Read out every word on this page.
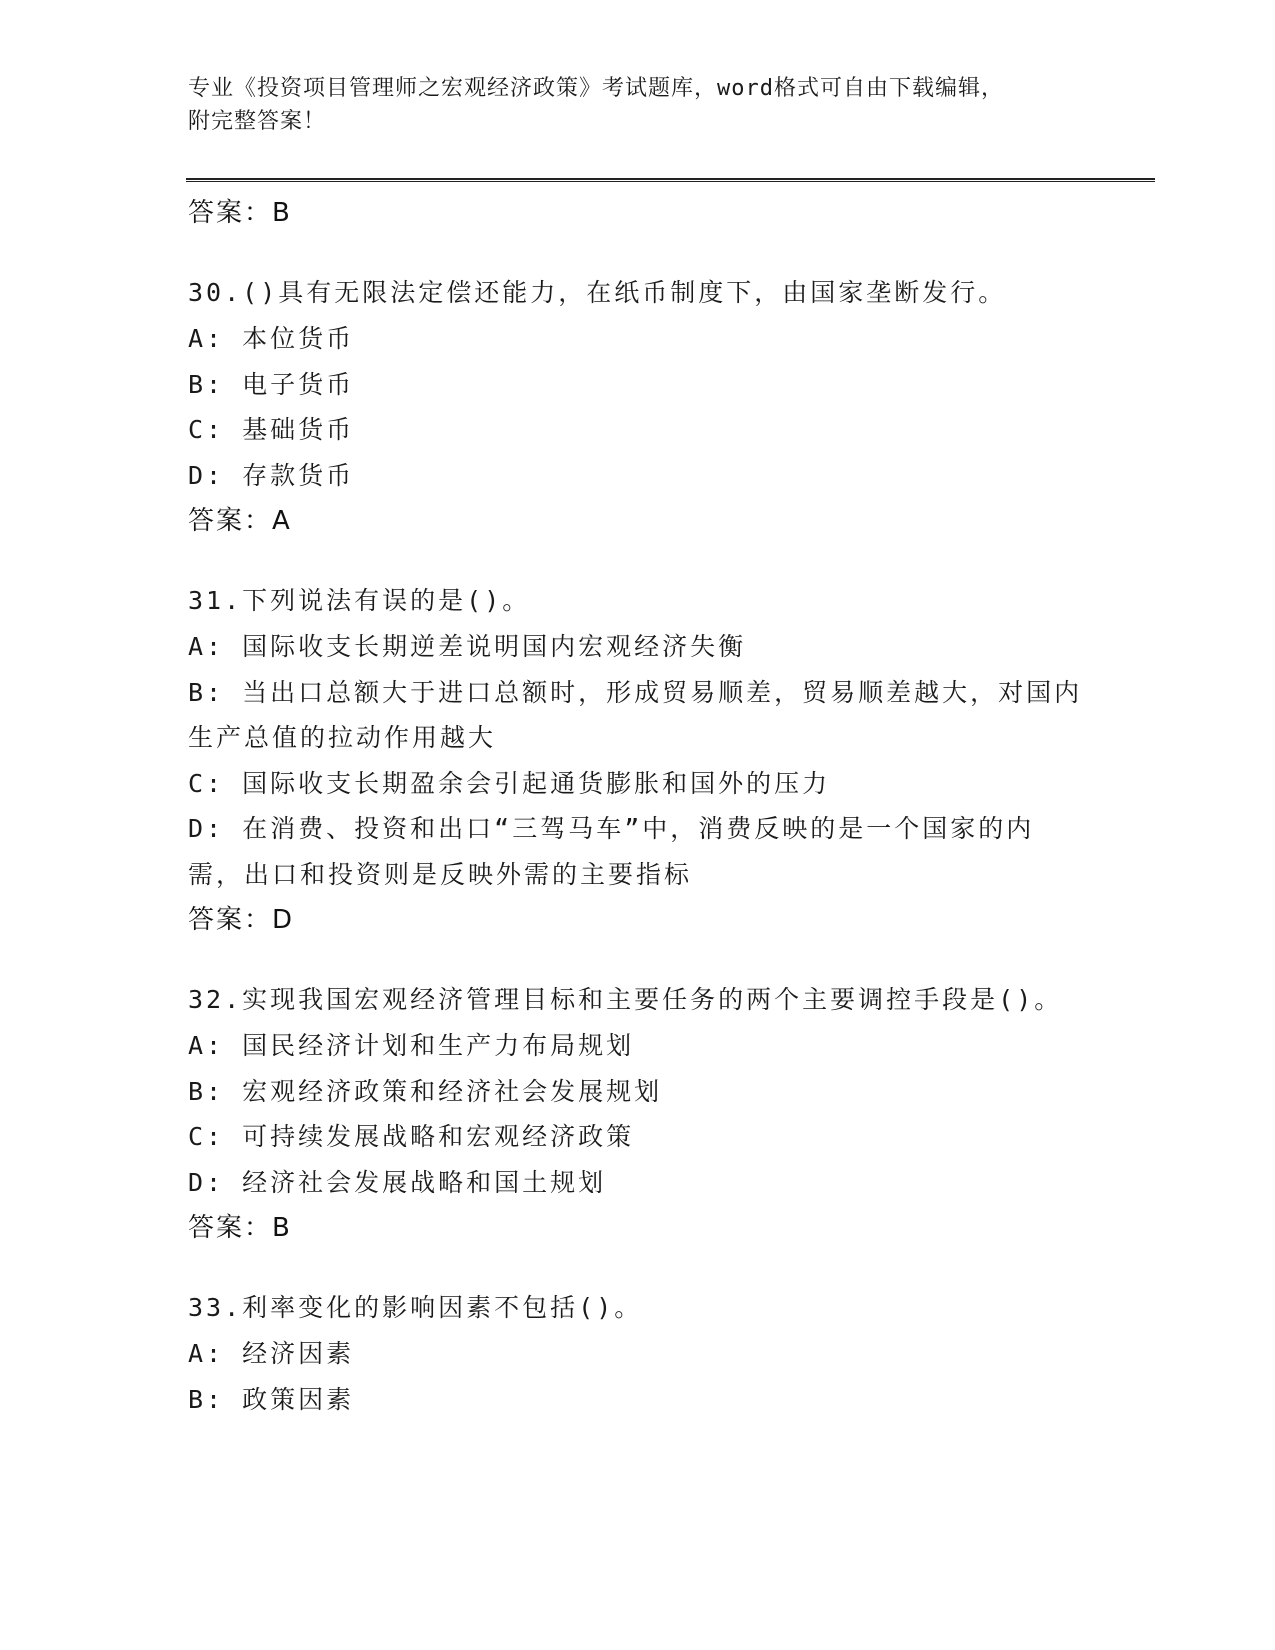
专业《投资项目管理师之宏观经济政策》考试题库，word格式可自由下载编辑，
附完整答案！
答案：B
30.()具有无限法定偿还能力，在纸币制度下，由国家垄断发行。
A: 本位货币
B: 电子货币
C: 基础货币
D: 存款货币
答案：A
31.下列说法有误的是()。
A: 国际收支长期逆差说明国内宏观经济失衡
B: 当出口总额大于进口总额时，形成贸易顺差，贸易顺差越大，对国内生产总值的拉动作用越大
C: 国际收支长期盈余会引起通货膨胀和国外的压力
D: 在消费、投资和出口“三驾马车”中，消费反映的是一个国家的内需，出口和投资则是反映外需的主要指标
答案：D
32.实现我国宏观经济管理目标和主要任务的两个主要调控手段是()。
A: 国民经济计划和生产力布局规划
B: 宏观经济政策和经济社会发展规划
C: 可持续发展战略和宏观经济政策
D: 经济社会发展战略和国土规划
答案：B
33.利率变化的影响因素不包括()。
A: 经济因素
B: 政策因素
